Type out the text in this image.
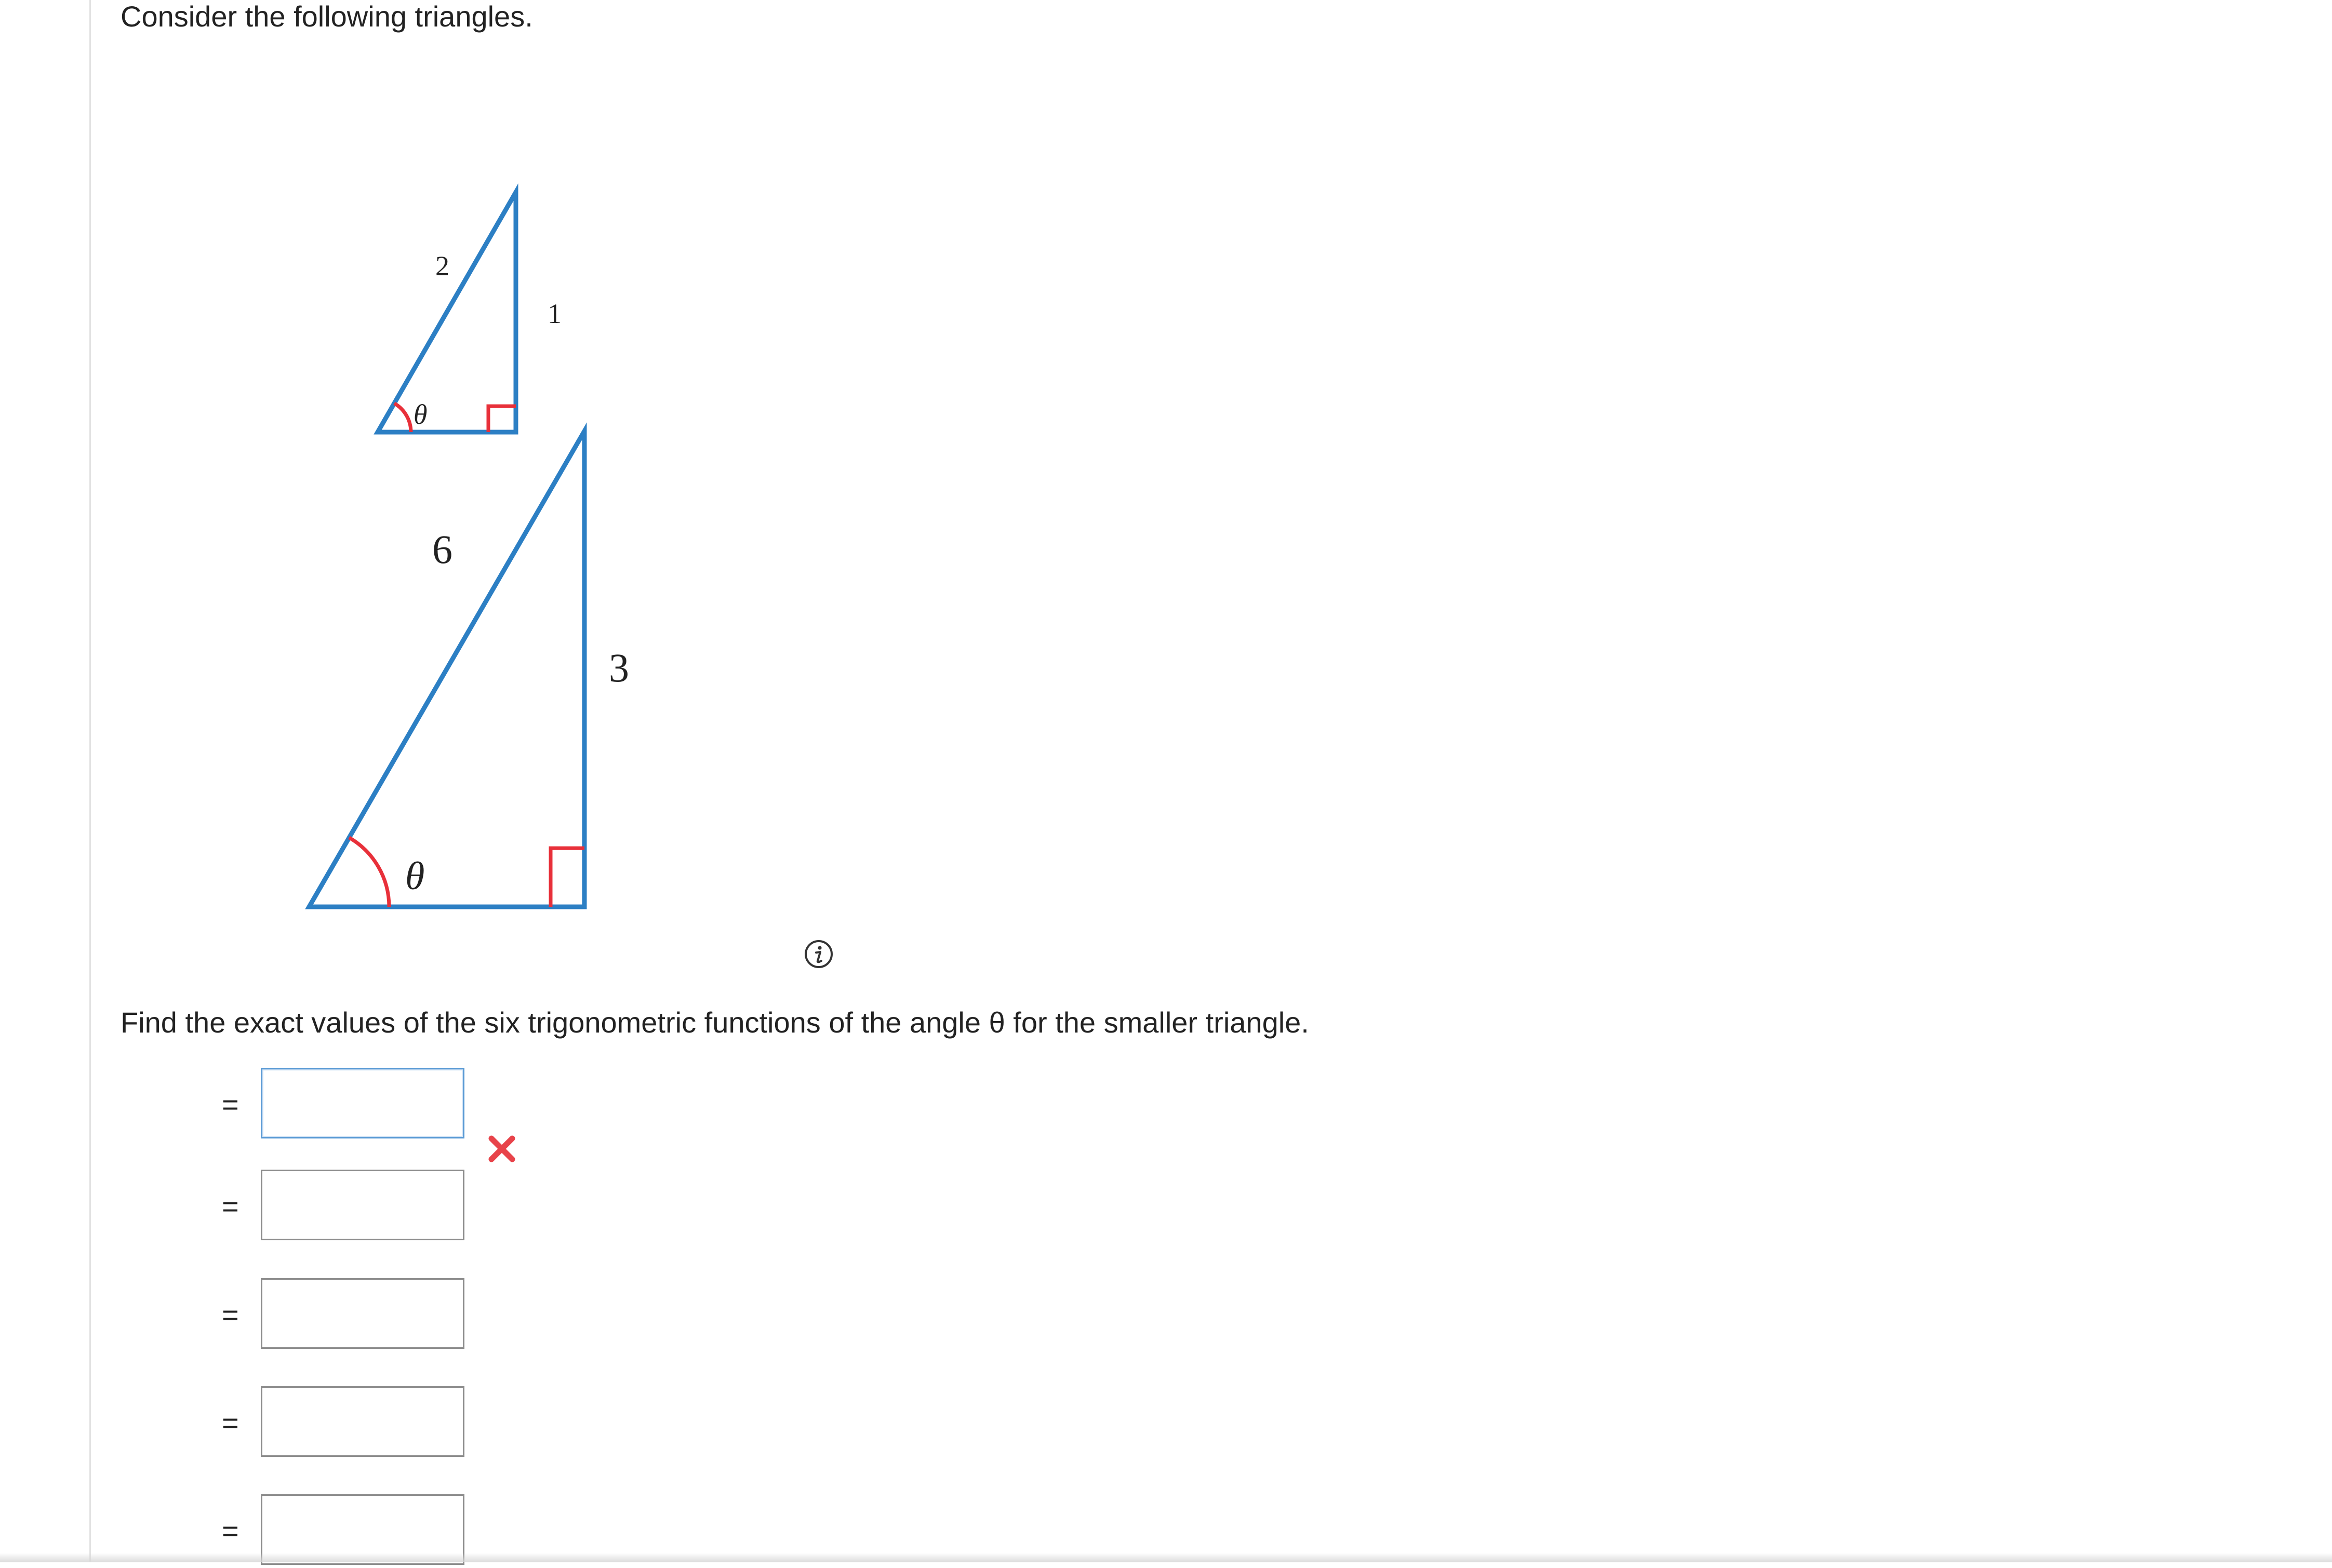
Consider the following triangles.
θ
2
1
θ
6
3
Find the exact values of the six trigonometric functions of the angle θ for the smaller triangle.
=
=
=
=
=
